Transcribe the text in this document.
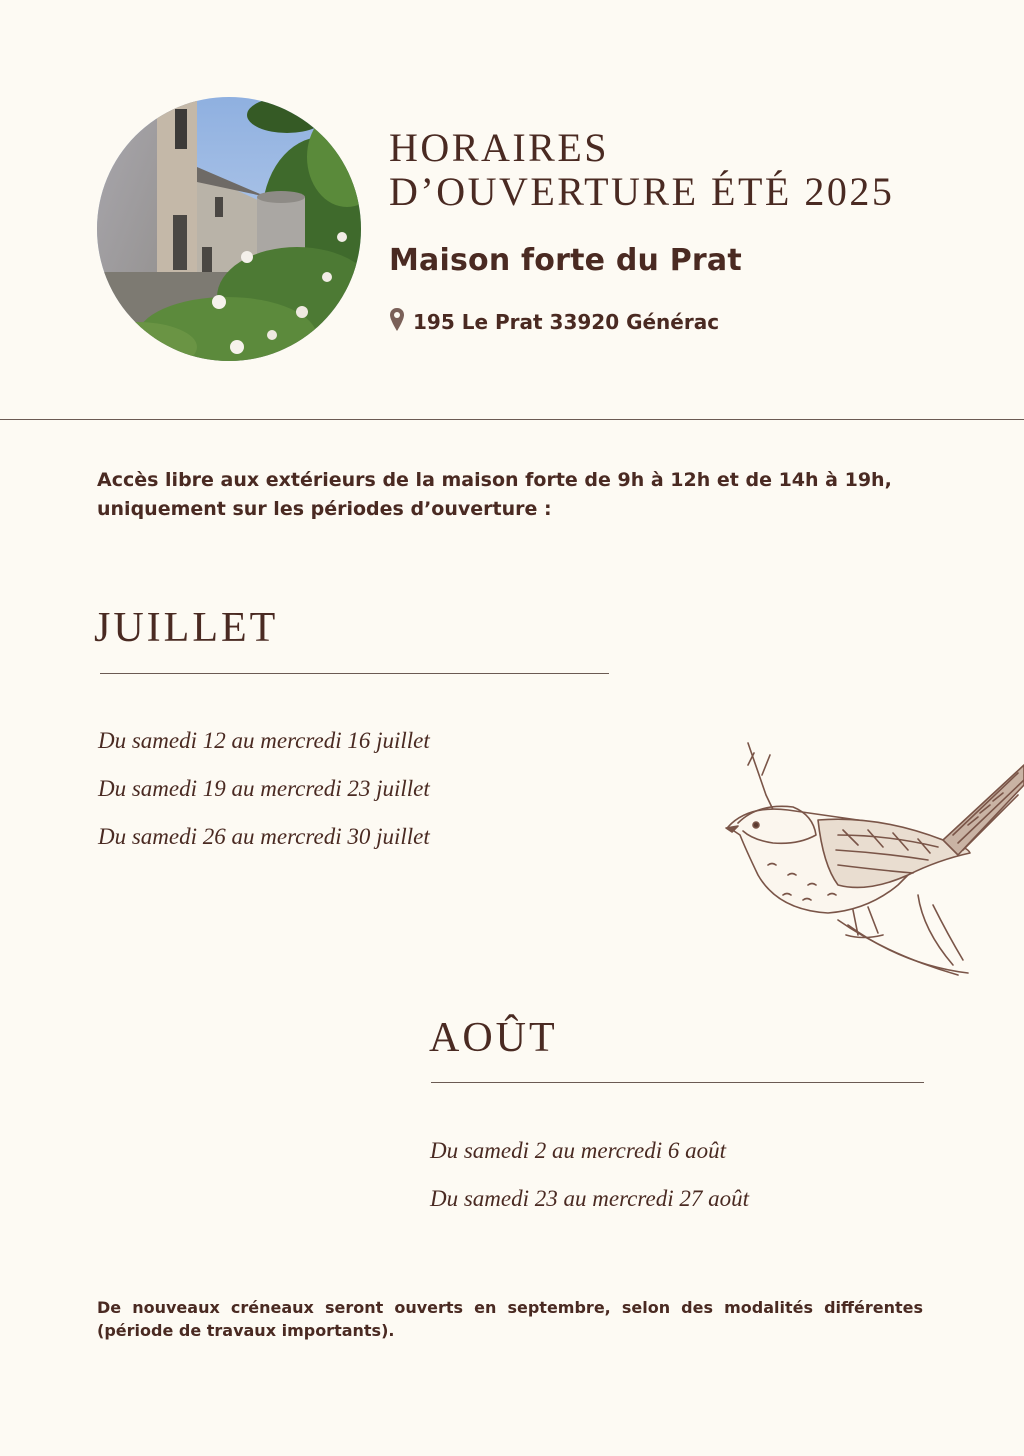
HORAIRES
D’OUVERTURE ÉTÉ 2025
Maison forte du Prat
195 Le Prat 33920 Générac

Accès libre aux extérieurs de la maison forte de 9h à 12h et de 14h à 19h, uniquement sur les périodes d’ouverture :

JUILLET
Du samedi 12 au mercredi 16 juillet
Du samedi 19 au mercredi 23 juillet
Du samedi 26 au mercredi 30 juillet
AOÛT
Du samedi 2 au mercredi 6 août
Du samedi 23 au mercredi 27 août

De nouveaux créneaux seront ouverts en septembre, selon des modalités différentes (période de travaux importants).
